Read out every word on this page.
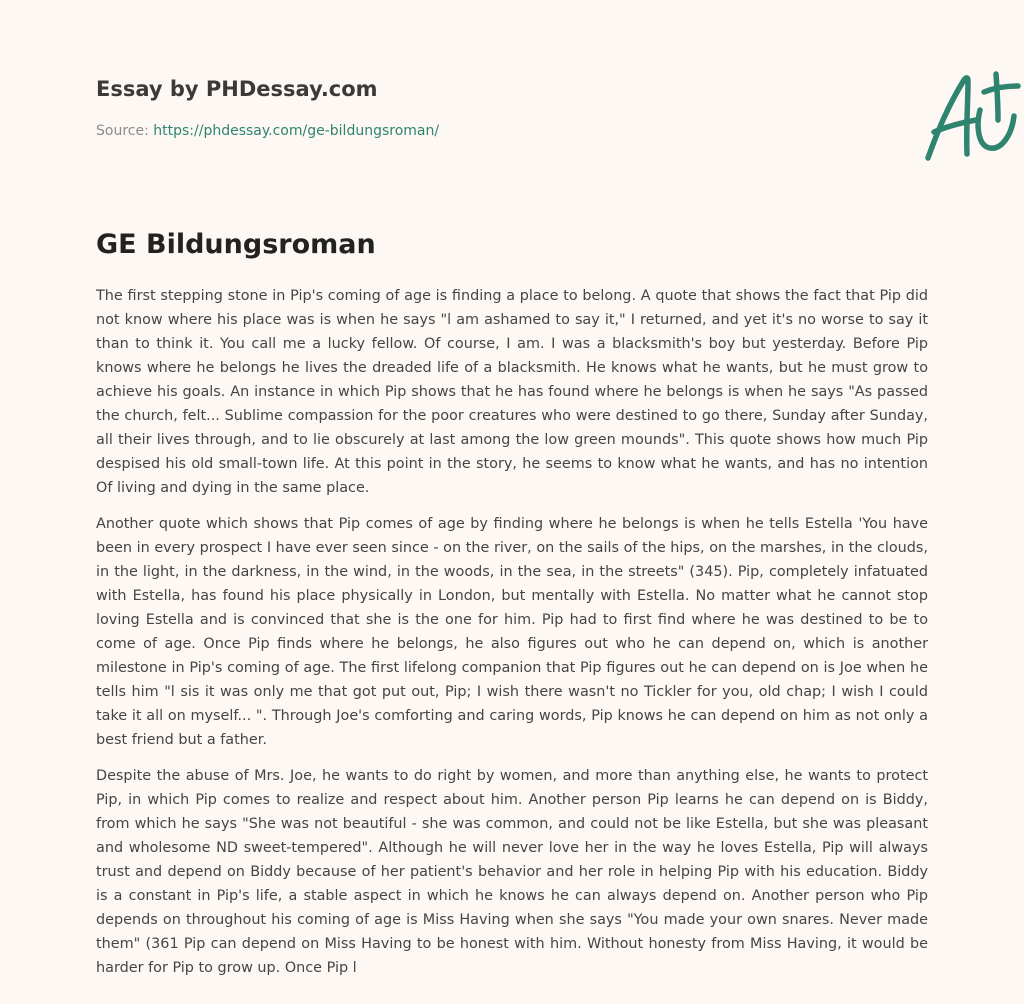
Essay by PHDessay.com
Source: https://phdessay.com/ge-bildungsroman/
GE Bildungsroman

The first stepping stone in Pip's coming of age is finding a place to belong. A quote that shows the fact that Pip did not know where his place was is when he says "l am ashamed to say it," I returned, and yet it's no worse to say it than to think it. You call me a lucky fellow. Of course, I am. I was a blacksmith's boy but yesterday. Before Pip knows where he belongs he lives the dreaded life of a blacksmith. He knows what he wants, but he must grow to achieve his goals. An instance in which Pip shows that he has found where he belongs is when he says "As passed the church, felt... Sublime compassion for the poor creatures who were destined to go there, Sunday after Sunday, all their lives through, and to lie obscurely at last among the low green mounds". This quote shows how much Pip despised his old small-town life. At this point in the story, he seems to know what he wants, and has no intention Of living and dying in the same place.

Another quote which shows that Pip comes of age by finding where he belongs is when he tells Estella 'You have been in every prospect I have ever seen since - on the river, on the sails of the hips, on the marshes, in the clouds, in the light, in the darkness, in the wind, in the woods, in the sea, in the streets" (345). Pip, completely infatuated with Estella, has found his place physically in London, but mentally with Estella. No matter what he cannot stop loving Estella and is convinced that she is the one for him. Pip had to first find where he was destined to be to come of age. Once Pip finds where he belongs, he also figures out who he can depend on, which is another milestone in Pip's coming of age. The first lifelong companion that Pip figures out he can depend on is Joe when he tells him "l sis it was only me that got put out, Pip; I wish there wasn't no Tickler for you, old chap; I wish I could take it all on myself... ". Through Joe's comforting and caring words, Pip knows he can depend on him as not only a best friend but a father.

Despite the abuse of Mrs. Joe, he wants to do right by women, and more than anything else, he wants to protect Pip, in which Pip comes to realize and respect about him. Another person Pip learns he can depend on is Biddy, from which he says "She was not beautiful - she was common, and could not be like Estella, but she was pleasant and wholesome ND sweet-tempered". Although he will never love her in the way he loves Estella, Pip will always trust and depend on Biddy because of her patient's behavior and her role in helping Pip with his education. Biddy is a constant in Pip's life, a stable aspect in which he knows he can always depend on. Another person who Pip depends on throughout his coming of age is Miss Having when she says "You made your own snares. Never made them" (361 Pip can depend on Miss Having to be honest with him. Without honesty from Miss Having, it would be harder for Pip to grow up. Once Pip l
